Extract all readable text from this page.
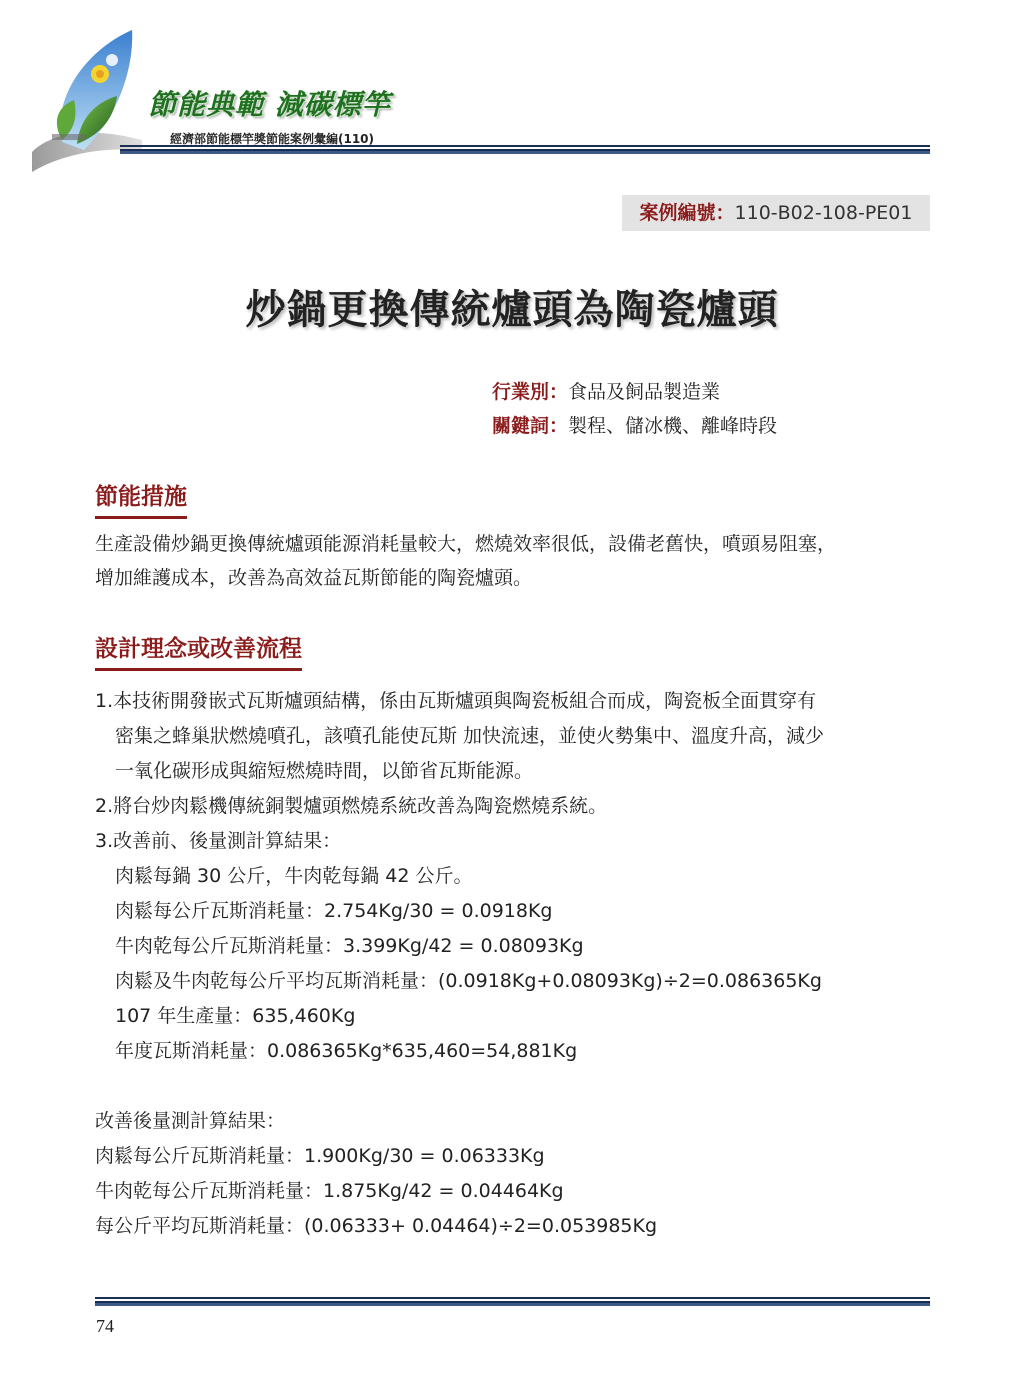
節能典範 減碳標竿
經濟部節能標竿獎節能案例彙編(110)
案例編號：110-B02-108-PE01
炒鍋更換傳統爐頭為陶瓷爐頭
行業別：食品及飼品製造業
關鍵詞：製程、儲冰機、離峰時段
節能措施
生產設備炒鍋更換傳統爐頭能源消耗量較大，燃燒效率很低，設備老舊快，噴頭易阻塞，
增加維護成本，改善為高效益瓦斯節能的陶瓷爐頭。
設計理念或改善流程
1.本技術開發嵌式瓦斯爐頭結構，係由瓦斯爐頭與陶瓷板組合而成，陶瓷板全面貫穿有
密集之蜂巢狀燃燒噴孔，該噴孔能使瓦斯 加快流速，並使火勢集中、溫度升高，減少
一氧化碳形成與縮短燃燒時間，以節省瓦斯能源。
2.將台炒肉鬆機傳統銅製爐頭燃燒系統改善為陶瓷燃燒系統。
3.改善前、後量測計算結果：
肉鬆每鍋 30 公斤，牛肉乾每鍋 42 公斤。
肉鬆每公斤瓦斯消耗量：2.754Kg/30 = 0.0918Kg
牛肉乾每公斤瓦斯消耗量：3.399Kg/42 = 0.08093Kg
肉鬆及牛肉乾每公斤平均瓦斯消耗量：(0.0918Kg+0.08093Kg)÷2=0.086365Kg
107 年生產量：635,460Kg
年度瓦斯消耗量：0.086365Kg*635,460=54,881Kg
改善後量測計算結果：
肉鬆每公斤瓦斯消耗量：1.900Kg/30 = 0.06333Kg
牛肉乾每公斤瓦斯消耗量：1.875Kg/42 = 0.04464Kg
每公斤平均瓦斯消耗量：(0.06333+ 0.04464)÷2=0.053985Kg
74
